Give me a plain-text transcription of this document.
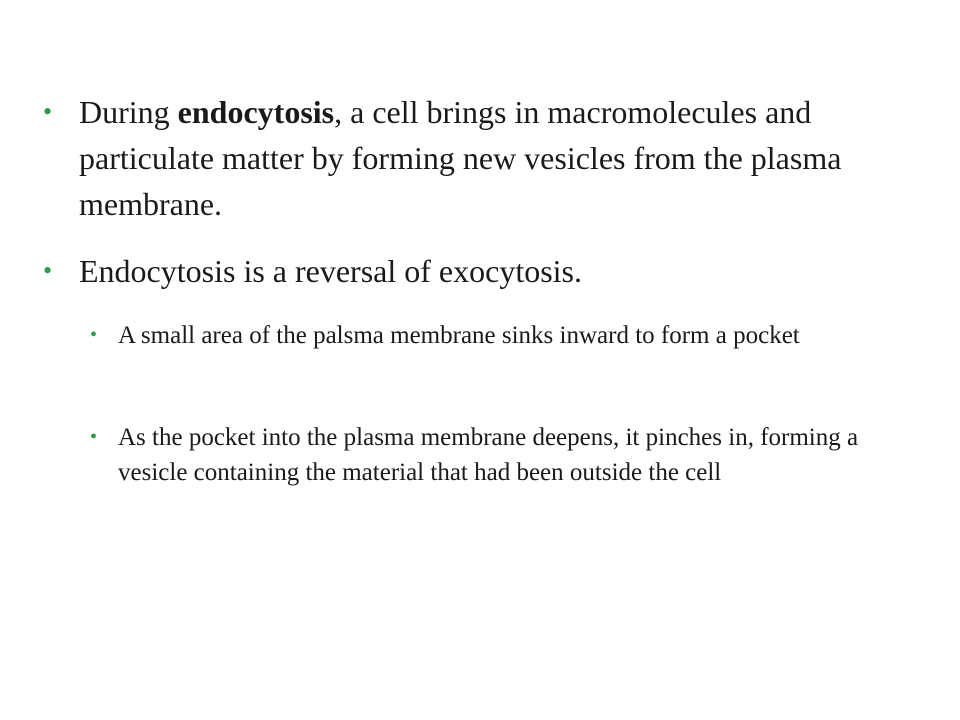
• During endocytosis, a cell brings in macromolecules and particulate matter by forming new vesicles from the plasma membrane.
• Endocytosis is a reversal of exocytosis.
• A small area of the palsma membrane sinks inward to form a pocket
• As the pocket into the plasma membrane deepens, it pinches in, forming a vesicle containing the material that had been outside the cell
